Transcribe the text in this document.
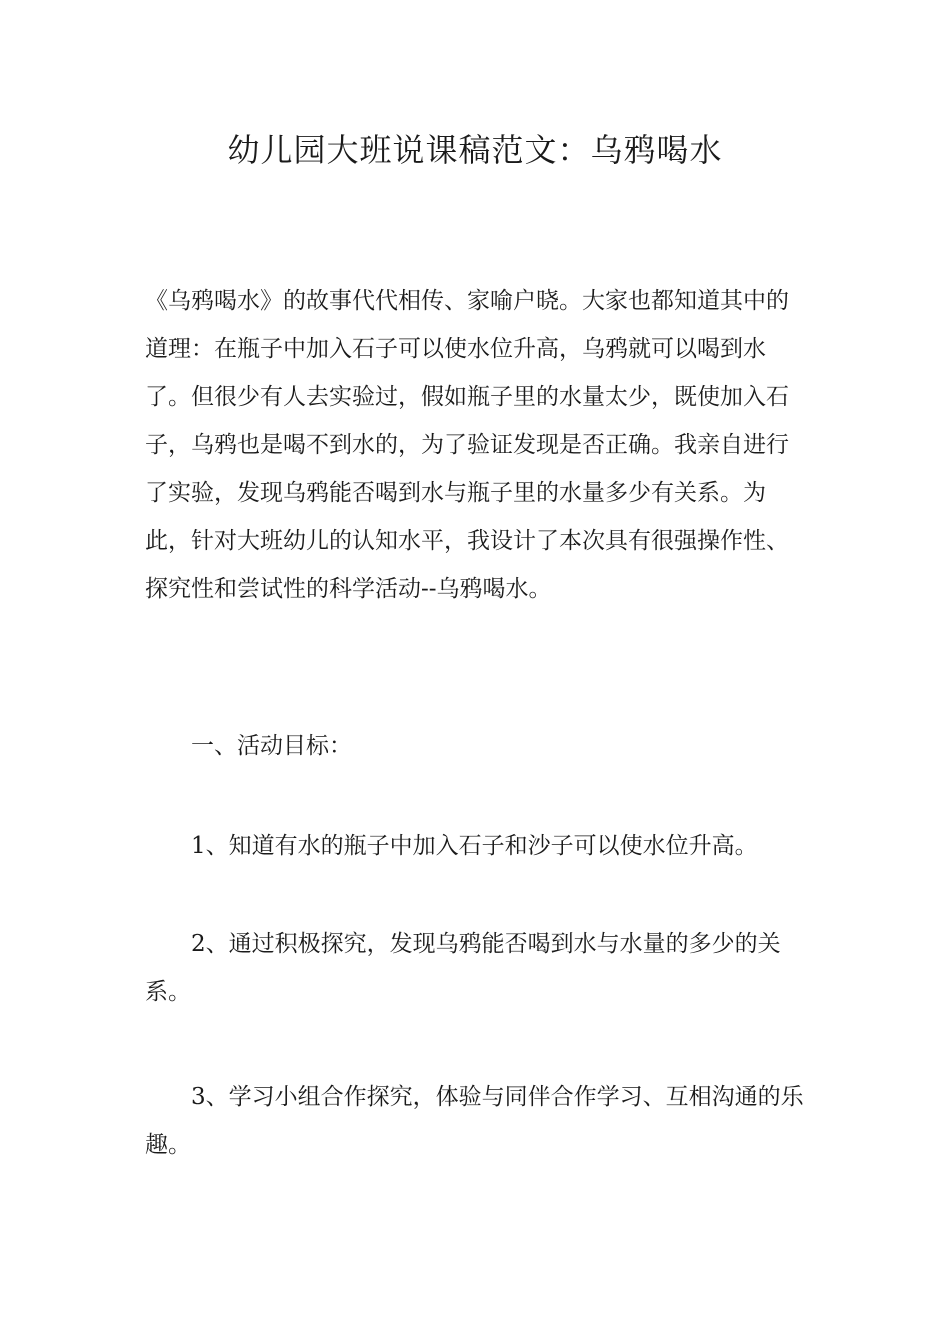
幼儿园大班说课稿范文：乌鸦喝水

《乌鸦喝水》的故事代代相传、家喻户晓。大家也都知道其中的道理：在瓶子中加入石子可以使水位升高，乌鸦就可以喝到水了。但很少有人去实验过，假如瓶子里的水量太少，既使加入石子，乌鸦也是喝不到水的，为了验证发现是否正确。我亲自进行了实验，发现乌鸦能否喝到水与瓶子里的水量多少有关系。为此，针对大班幼儿的认知水平，我设计了本次具有很强操作性、探究性和尝试性的科学活动--乌鸦喝水。

一、活动目标：

1、知道有水的瓶子中加入石子和沙子可以使水位升高。

2、通过积极探究，发现乌鸦能否喝到水与水量的多少的关系。

3、学习小组合作探究，体验与同伴合作学习、互相沟通的乐趣。
